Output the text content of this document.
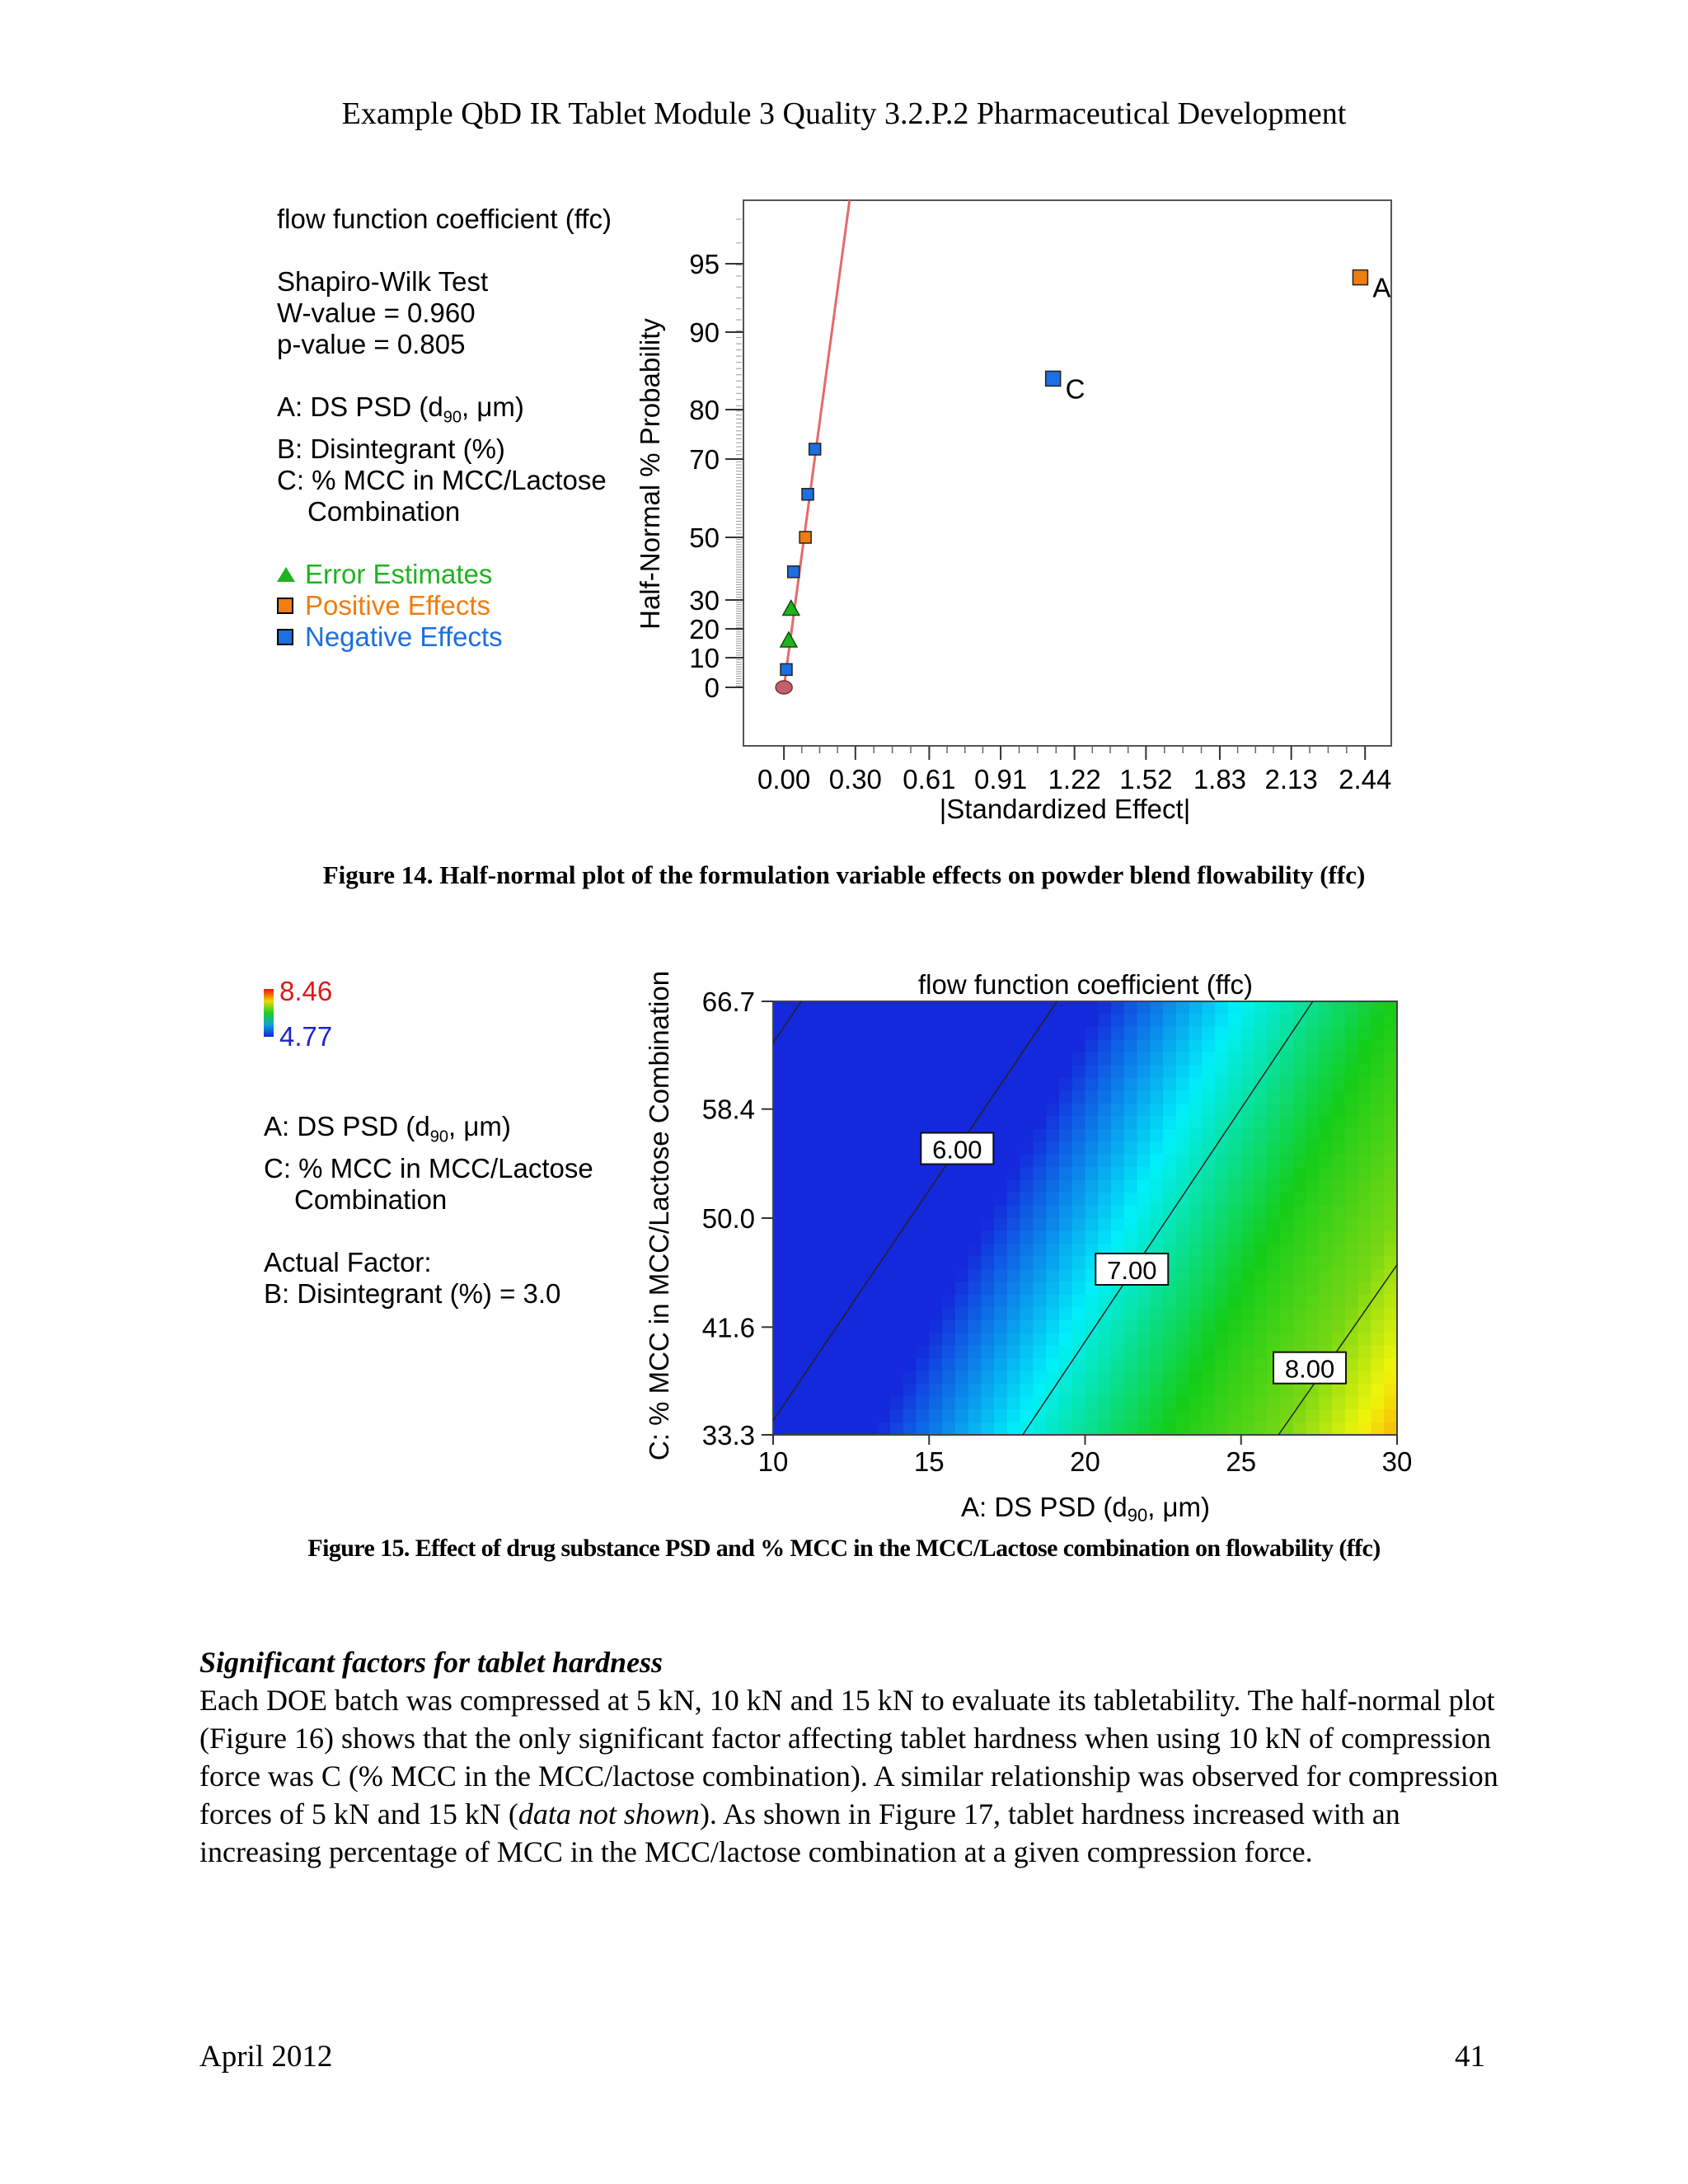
Example QbD IR Tablet Module 3 Quality 3.2.P.2 Pharmaceutical Development
flow function coefficient (ffc)
Shapiro-Wilk Test
W-value = 0.960
p-value = 0.805
A: DS PSD ($d_{90}$, μm)
B: Disintegrant (%)
C: % MCC in MCC/Lactose
Combination
Error Estimates
Positive Effects
Negative Effects
0
10
20
30
50
70
80
90
95
0.00 0.30 0.61 0.91 1.22 1.52 1.83 2.13 2.44
Half-Normal % Probability
|Standardized Effect|
A
C
Figure 14. Half-normal plot of the formulation variable effects on powder blend flowability (ffc)
8.46
4.77
A: DS PSD ($d_{90}$, μm)
C: % MCC in MCC/Lactose
Combination
Actual Factor:
B: Disintegrant (%) = 3.0
flow function coefficient (ffc)
6.00
7.00
8.00
10	15	20	25	30
33.3
41.6
50.0
58.4
66.7
C: % MCC in MCC/Lactose Combination
A: DS PSD (d90, μm)
Figure 15. Effect of drug substance PSD and % MCC in the MCC/Lactose combination on flowability (ffc)
Significant factors for tablet hardness
Each DOE batch was compressed at 5 kN, 10 kN and 15 kN to evaluate its tabletability. The half-normal plot (Figure 16) shows that the only significant factor affecting tablet hardness when using 10 kN of compression force was C (% MCC in the MCC/lactose combination). A similar relationship was observed for compression forces of 5 kN and 15 kN (data not shown). As shown in Figure 17, tablet hardness increased with an increasing percentage of MCC in the MCC/lactose combination at a given compression force.
April 2012	41
